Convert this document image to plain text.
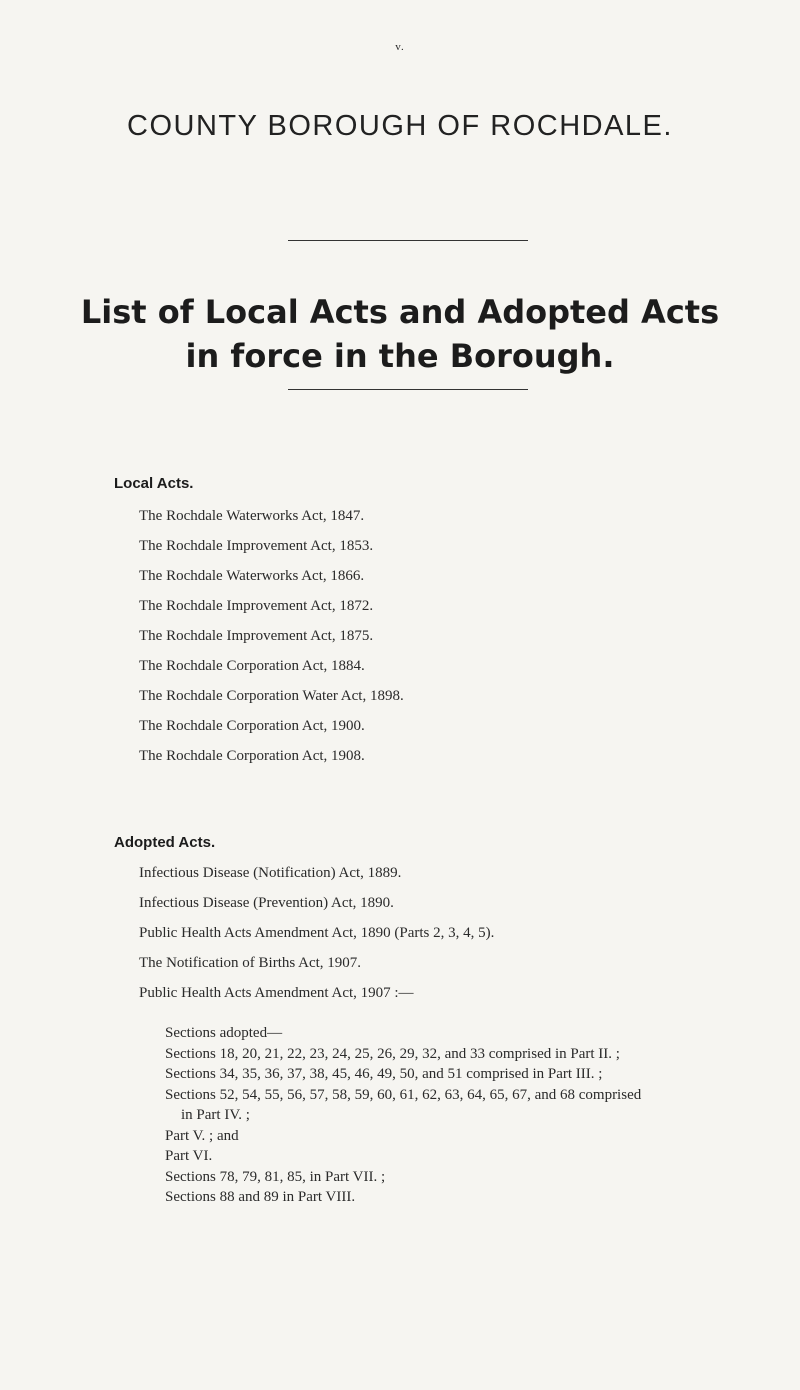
v.
COUNTY BOROUGH OF ROCHDALE.
List of Local Acts and Adopted Acts
in force in the Borough.
Local Acts.
The Rochdale Waterworks Act, 1847.
The Rochdale Improvement Act, 1853.
The Rochdale Waterworks Act, 1866.
The Rochdale Improvement Act, 1872.
The Rochdale Improvement Act, 1875.
The Rochdale Corporation Act, 1884.
The Rochdale Corporation Water Act, 1898.
The Rochdale Corporation Act, 1900.
The Rochdale Corporation Act, 1908.
Adopted Acts.
Infectious Disease (Notification) Act, 1889.
Infectious Disease (Prevention) Act, 1890.
Public Health Acts Amendment Act, 1890 (Parts 2, 3, 4, 5).
The Notification of Births Act, 1907.
Public Health Acts Amendment Act, 1907 :—
Sections adopted—
Sections 18, 20, 21, 22, 23, 24, 25, 26, 29, 32, and 33 comprised in Part II. ;
Sections 34, 35, 36, 37, 38, 45, 46, 49, 50, and 51 comprised in Part III. ;
Sections 52, 54, 55, 56, 57, 58, 59, 60, 61, 62, 63, 64, 65, 67, and 68 comprised
in Part IV. ;
Part V. ; and
Part VI.
Sections 78, 79, 81, 85, in Part VII. ;
Sections 88 and 89 in Part VIII.
